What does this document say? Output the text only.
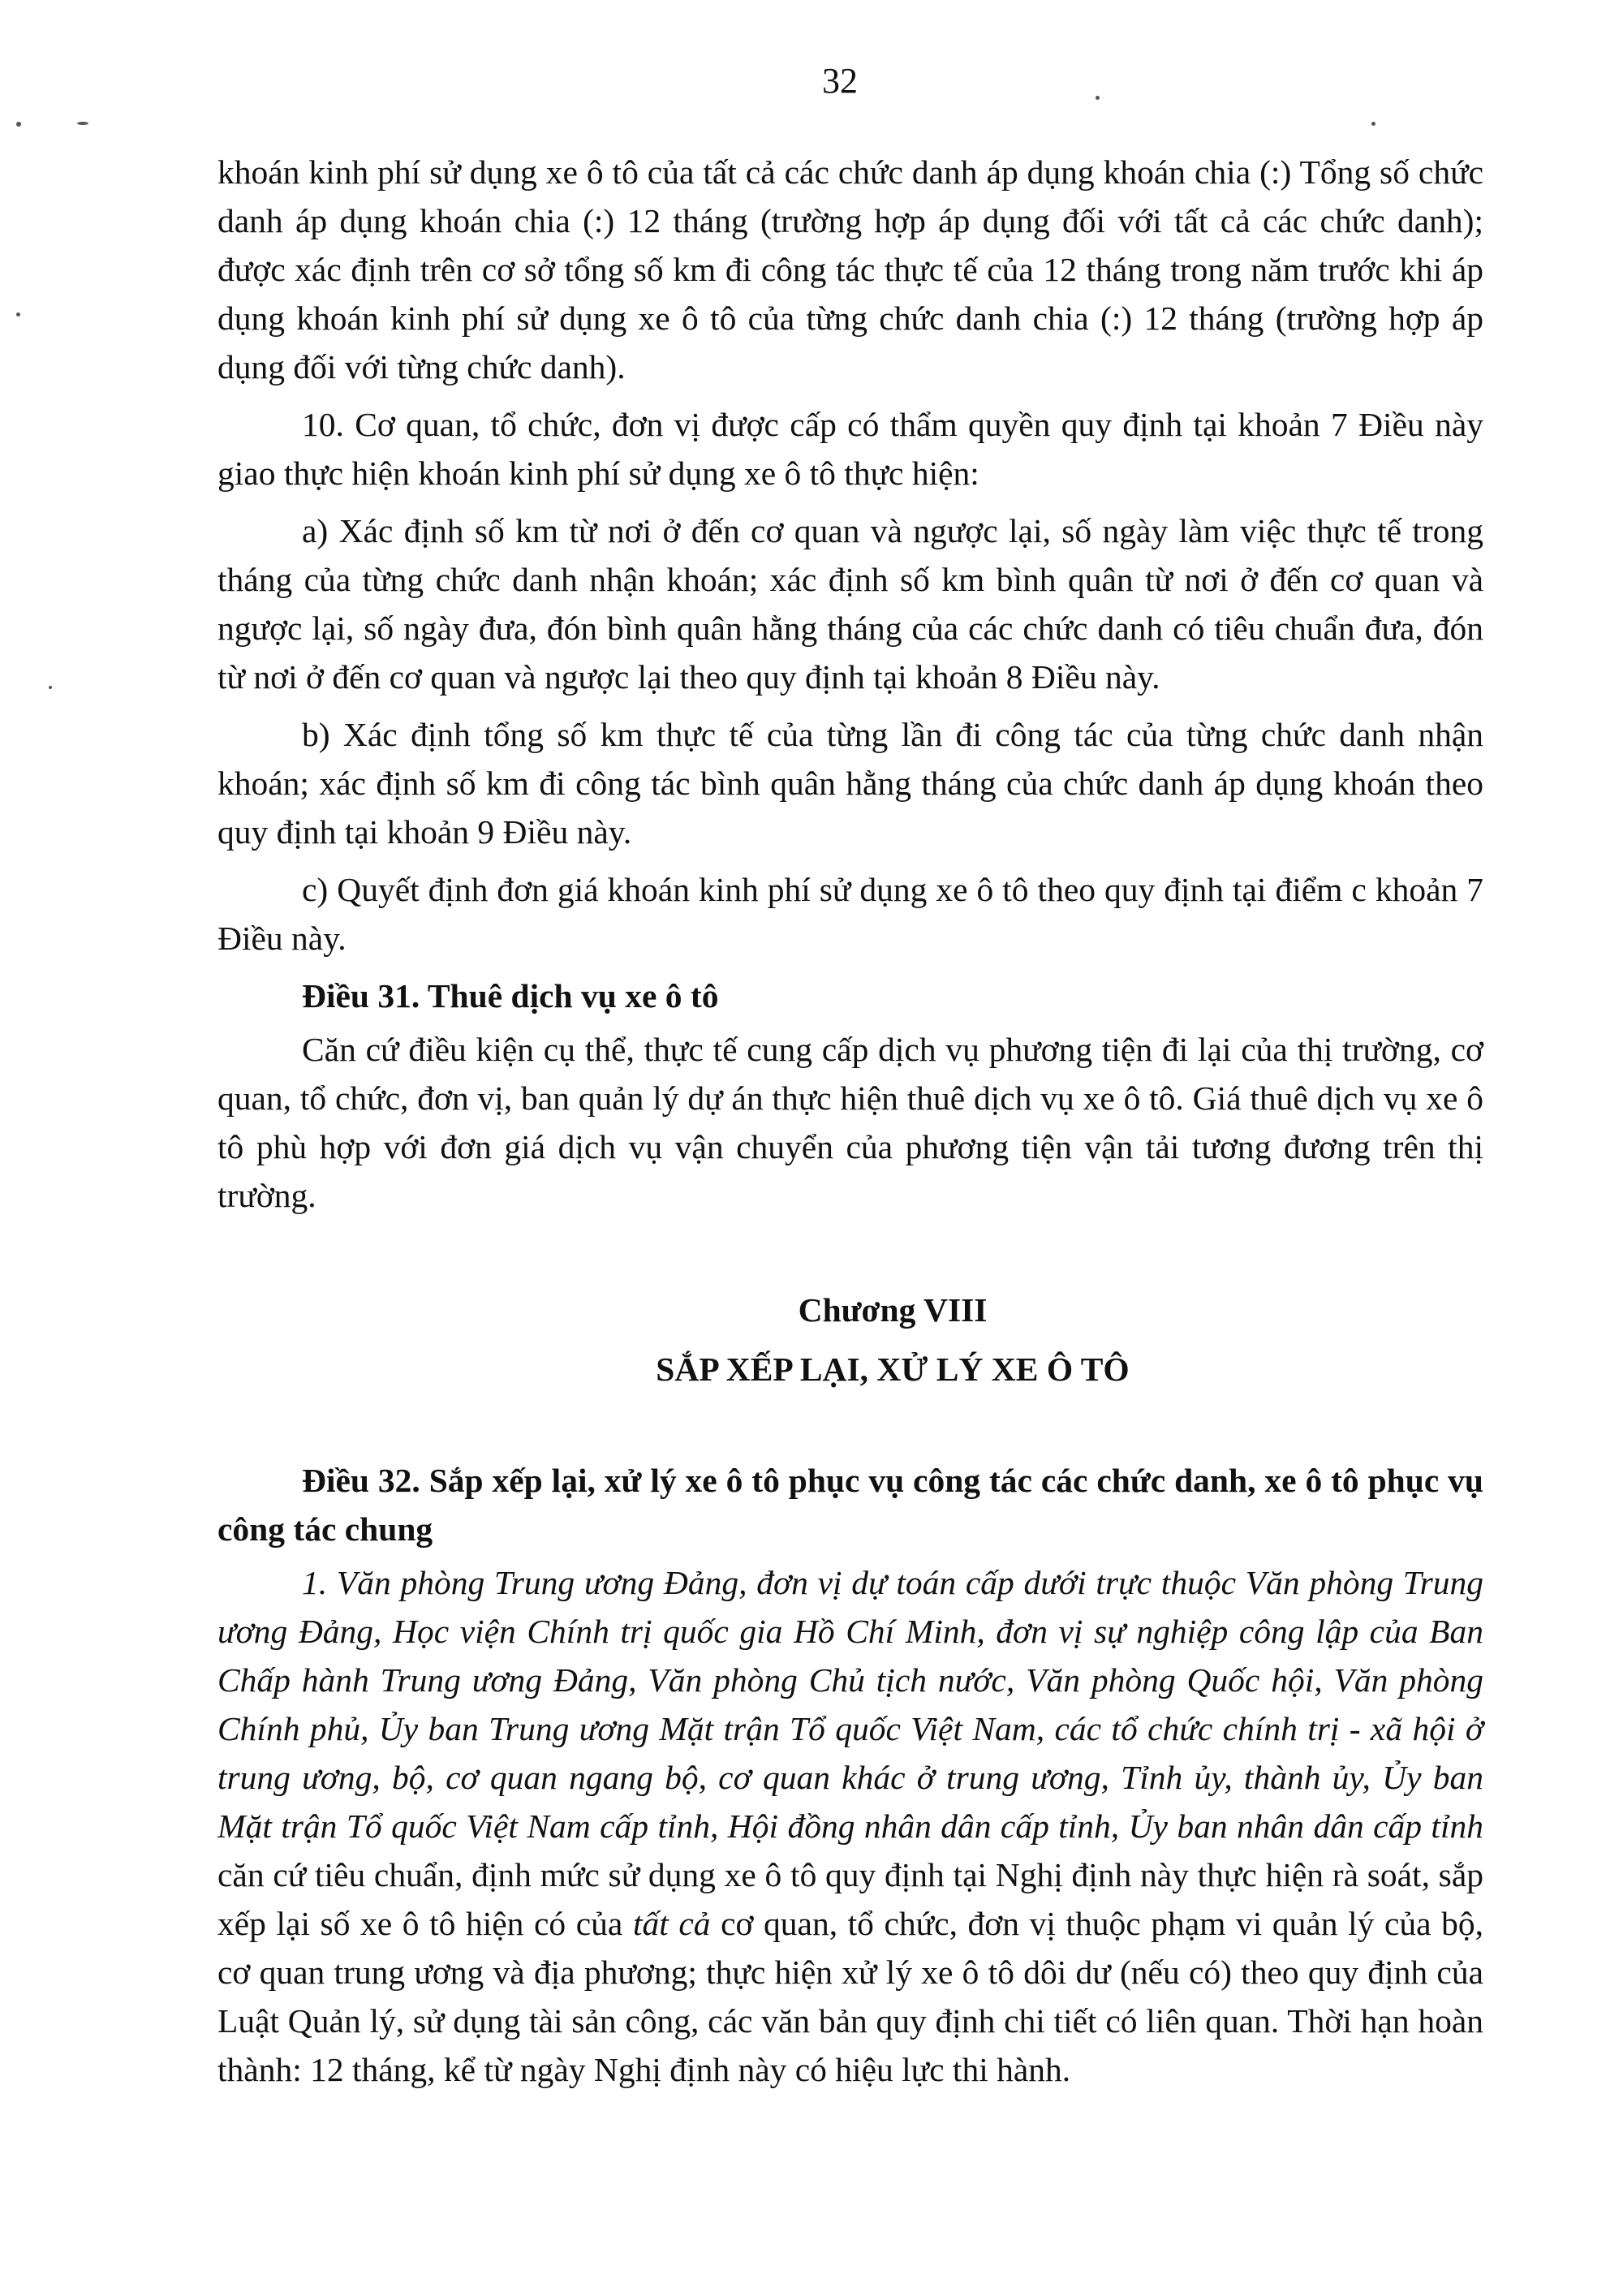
32

khoán kinh phí sử dụng xe ô tô của tất cả các chức danh áp dụng khoán chia (:) Tổng số chức danh áp dụng khoán chia (:) 12 tháng (trường hợp áp dụng đối với tất cả các chức danh); được xác định trên cơ sở tổng số km đi công tác thực tế của 12 tháng trong năm trước khi áp dụng khoán kinh phí sử dụng xe ô tô của từng chức danh chia (:) 12 tháng (trường hợp áp dụng đối với từng chức danh).

10. Cơ quan, tổ chức, đơn vị được cấp có thẩm quyền quy định tại khoản 7 Điều này giao thực hiện khoán kinh phí sử dụng xe ô tô thực hiện:

a) Xác định số km từ nơi ở đến cơ quan và ngược lại, số ngày làm việc thực tế trong tháng của từng chức danh nhận khoán; xác định số km bình quân từ nơi ở đến cơ quan và ngược lại, số ngày đưa, đón bình quân hằng tháng của các chức danh có tiêu chuẩn đưa, đón từ nơi ở đến cơ quan và ngược lại theo quy định tại khoản 8 Điều này.

b) Xác định tổng số km thực tế của từng lần đi công tác của từng chức danh nhận khoán; xác định số km đi công tác bình quân hằng tháng của chức danh áp dụng khoán theo quy định tại khoản 9 Điều này.

c) Quyết định đơn giá khoán kinh phí sử dụng xe ô tô theo quy định tại điểm c khoản 7 Điều này.

Điều 31. Thuê dịch vụ xe ô tô

Căn cứ điều kiện cụ thể, thực tế cung cấp dịch vụ phương tiện đi lại của thị trường, cơ quan, tổ chức, đơn vị, ban quản lý dự án thực hiện thuê dịch vụ xe ô tô. Giá thuê dịch vụ xe ô tô phù hợp với đơn giá dịch vụ vận chuyển của phương tiện vận tải tương đương trên thị trường.

Chương VIII

SẮP XẾP LẠI, XỬ LÝ XE Ô TÔ

Điều 32. Sắp xếp lại, xử lý xe ô tô phục vụ công tác các chức danh, xe ô tô phục vụ công tác chung

1. Văn phòng Trung ương Đảng, đơn vị dự toán cấp dưới trực thuộc Văn phòng Trung ương Đảng, Học viện Chính trị quốc gia Hồ Chí Minh, đơn vị sự nghiệp công lập của Ban Chấp hành Trung ương Đảng, Văn phòng Chủ tịch nước, Văn phòng Quốc hội, Văn phòng Chính phủ, Ủy ban Trung ương Mặt trận Tổ quốc Việt Nam, các tổ chức chính trị - xã hội ở trung ương, bộ, cơ quan ngang bộ, cơ quan khác ở trung ương, Tỉnh ủy, thành ủy, Ủy ban Mặt trận Tổ quốc Việt Nam cấp tỉnh, Hội đồng nhân dân cấp tỉnh, Ủy ban nhân dân cấp tỉnh căn cứ tiêu chuẩn, định mức sử dụng xe ô tô quy định tại Nghị định này thực hiện rà soát, sắp xếp lại số xe ô tô hiện có của tất cả cơ quan, tổ chức, đơn vị thuộc phạm vi quản lý của bộ, cơ quan trung ương và địa phương; thực hiện xử lý xe ô tô dôi dư (nếu có) theo quy định của Luật Quản lý, sử dụng tài sản công, các văn bản quy định chi tiết có liên quan. Thời hạn hoàn thành: 12 tháng, kể từ ngày Nghị định này có hiệu lực thi hành.
